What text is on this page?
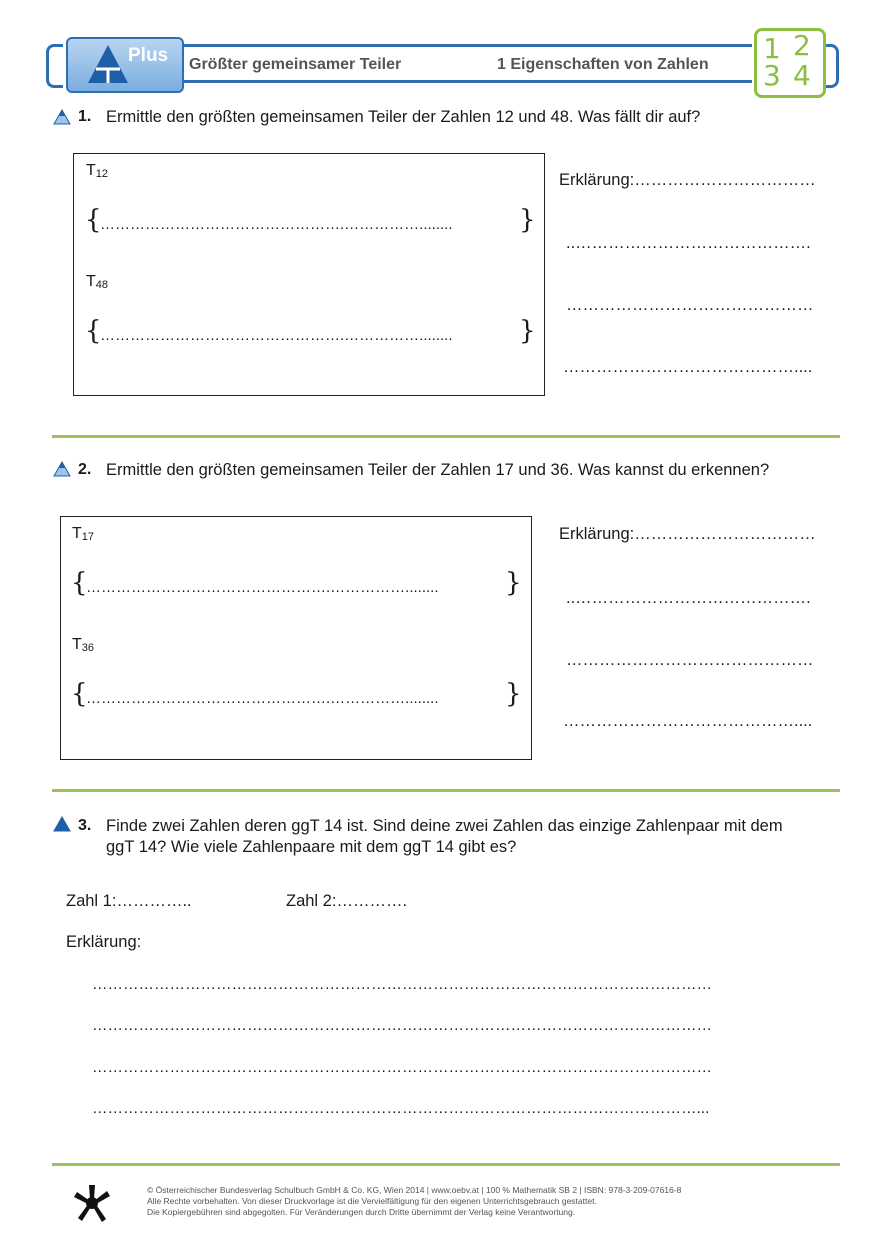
Plus Größter gemeinsamer Teiler	1 Eigenschaften von Zahlen 1 2
3 4
1. Ermittle den größten gemeinsamen Teiler der Zahlen 12 und 48. Was fällt dir auf?
$T_{12}$
{
………………………………………….……………........	}
$T_{48}$
{
………………………………………….……………........	}
Erklärung:……………………………
..…………………………………….
………………………………………
……………………………………....
2. Ermittle den größten gemeinsamen Teiler der Zahlen 17 und 36. Was kannst du erkennen?
$T_{17}$
{
………………………………………….……………........	}
$T_{36}$
{
………………………………………….……………........	}
Erklärung:……………………………
..…………………………………….
………………………………………
……………………………………....
3. Finde zwei Zahlen deren ggT 14 ist. Sind deine zwei Zahlen das einzige Zahlenpaar mit dem
ggT 14? Wie viele Zahlenpaare mit dem ggT 14 gibt es?
Zahl 1:…………..	Zahl 2:………….
Erklärung:
…………………………………………………………………………………………………………
…………………………………………………………………………………………………………
…………………………………………………………………………………………………………
………………………………………………………………………………………………………...
© Österreichischer Bundesverlag Schulbuch GmbH & Co. KG, Wien 2014 | www.oebv.at | 100 % Mathematik SB 2 | ISBN: 978-3-209-07616-8
Alle Rechte vorbehalten. Von dieser Druckvorlage ist die Vervielfältigung für den eigenen Unterrichtsgebrauch gestattet.
Die Kopiergebühren sind abgegolten. Für Veränderungen durch Dritte übernimmt der Verlag keine Verantwortung.
